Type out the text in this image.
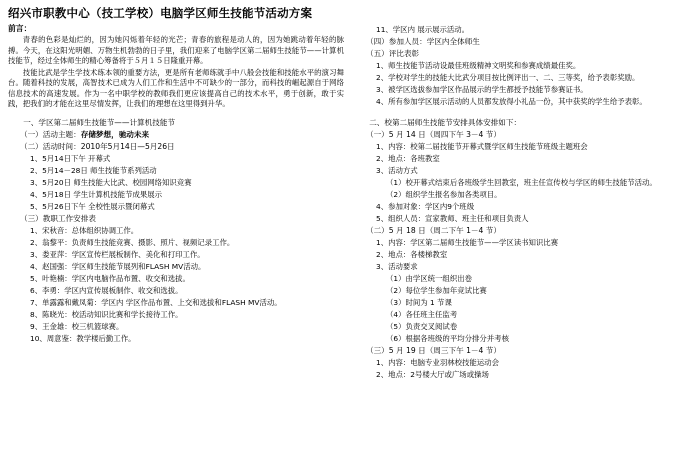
绍兴市职教中心（技工学校）电脑学区师生技能节活动方案
前言：

青春的色彩是灿烂的，因为她闪烁着年轻的光芒；青春的旅程是动人的，因为她跳动着年轻的脉搏。今天，在这阳光明媚、万物生机勃勃的日子里，我们迎来了电脑学区第二届师生技能节——计算机技能节，经过全体师生的精心筹备将于５月１５日隆重开幕。

技能比武是学生学技术练本领的重要方法，更是所有老师练就手中八般会技能和技能水平的演习舞台。随着科技的发展，高智技术已成为人们工作和生活中不可缺少的一部分，而科技的崛起源自于网络信息技术的高速发展。作为一名中职学校的教师我们更应该提高自己的技术水平，勇于创新，敢于实践，把我们的才能在这里尽情发挥，让我们的理想在这里得到升华。

一、学区第二届师生技能节——计算机技能节
（一）活动主题：存储梦想，驰动未来
（二）活动时间：2010年5月14日—5月26日
1、5月14日下午 开幕式
2、5月14－28日 师生技能节系列活动
3、5月20日 师生技能大比武、校园网络知识竞赛
4、5月18日 学生计算机技能节成果展示
5、5月26日下午 全校性展示暨闭幕式
（三）教职工作安排表
1、宋秋音：总体组织协调工作。
2、翁黎平：负责师生技能竞赛、摄影、照片、视频记录工作。
3、娄亚萍：学区宣传栏展板制作、美化和打印工作。
4、赵国强：学区师生技能节展列和FLASH MV活动。
5、叶艳楠：学区内电脑作品布置、收交和选拔。
6、李勇：学区内宣传展板制作、收交和选拔。
7、单露露和戴凤菊：学区内 学区作品布置、上交和选拔和FLASH MV活动。
8、陈晓光：校活动知识比赛和学长接待工作。
9、王金雄：校三机篮球赛。
10、周意鉴：教学楼后勤工作。
11、学区内 展示展示活动。
（四）参加人员：学区内全体师生
（五）评比表彰
1、师生技能节活动设最佳班级精神文明奖和参赛成绩最佳奖。
2、学校对学生的技能大比武分项目按比例评出一、二、三等奖，给予表彰奖励。
3、被学区选拔参加学区作品展示的学生都授予技能节参赛证书。
4、所有参加学区展示活动的人员都发放得小礼品一份，其中获奖的学生给予表彰。
二、校第二届师生技能节安排具体安排如下：
（一）5 月 14 日（周四下午 3－4 节）
1、内容：校第二届技能节开幕式暨学区师生技能节班级主题班会
2、地点：各班教室
3、活动方式
（1）校开幕式结束后各班级学生回教室，班主任宣传校与学区的师生技能节活动。
（2）组织学生报名参加各类项目。
4、参加对象：学区内9个班级
5、组织人员：宣家教师、班主任和项目负责人
（二）5 月 18 日（周二下午 1－4 节）
1、内容：学区第二届师生技能节——学区读书知识比赛
2、地点：各楼梯教室
3、活动要求
（1）由学区统一组织出卷
（2）每位学生参加年竞试比赛
（3）时间为 1 节课
（4）各任班主任监考
（5）负责交叉阅试卷
（6）根据各班级的平均分排分并考核
（三）5 月 19 日（周三下午 1－4 节）
1、内容：电脑专业羽林校技能运动会
2、地点：2号楼大厅或广场或操场
